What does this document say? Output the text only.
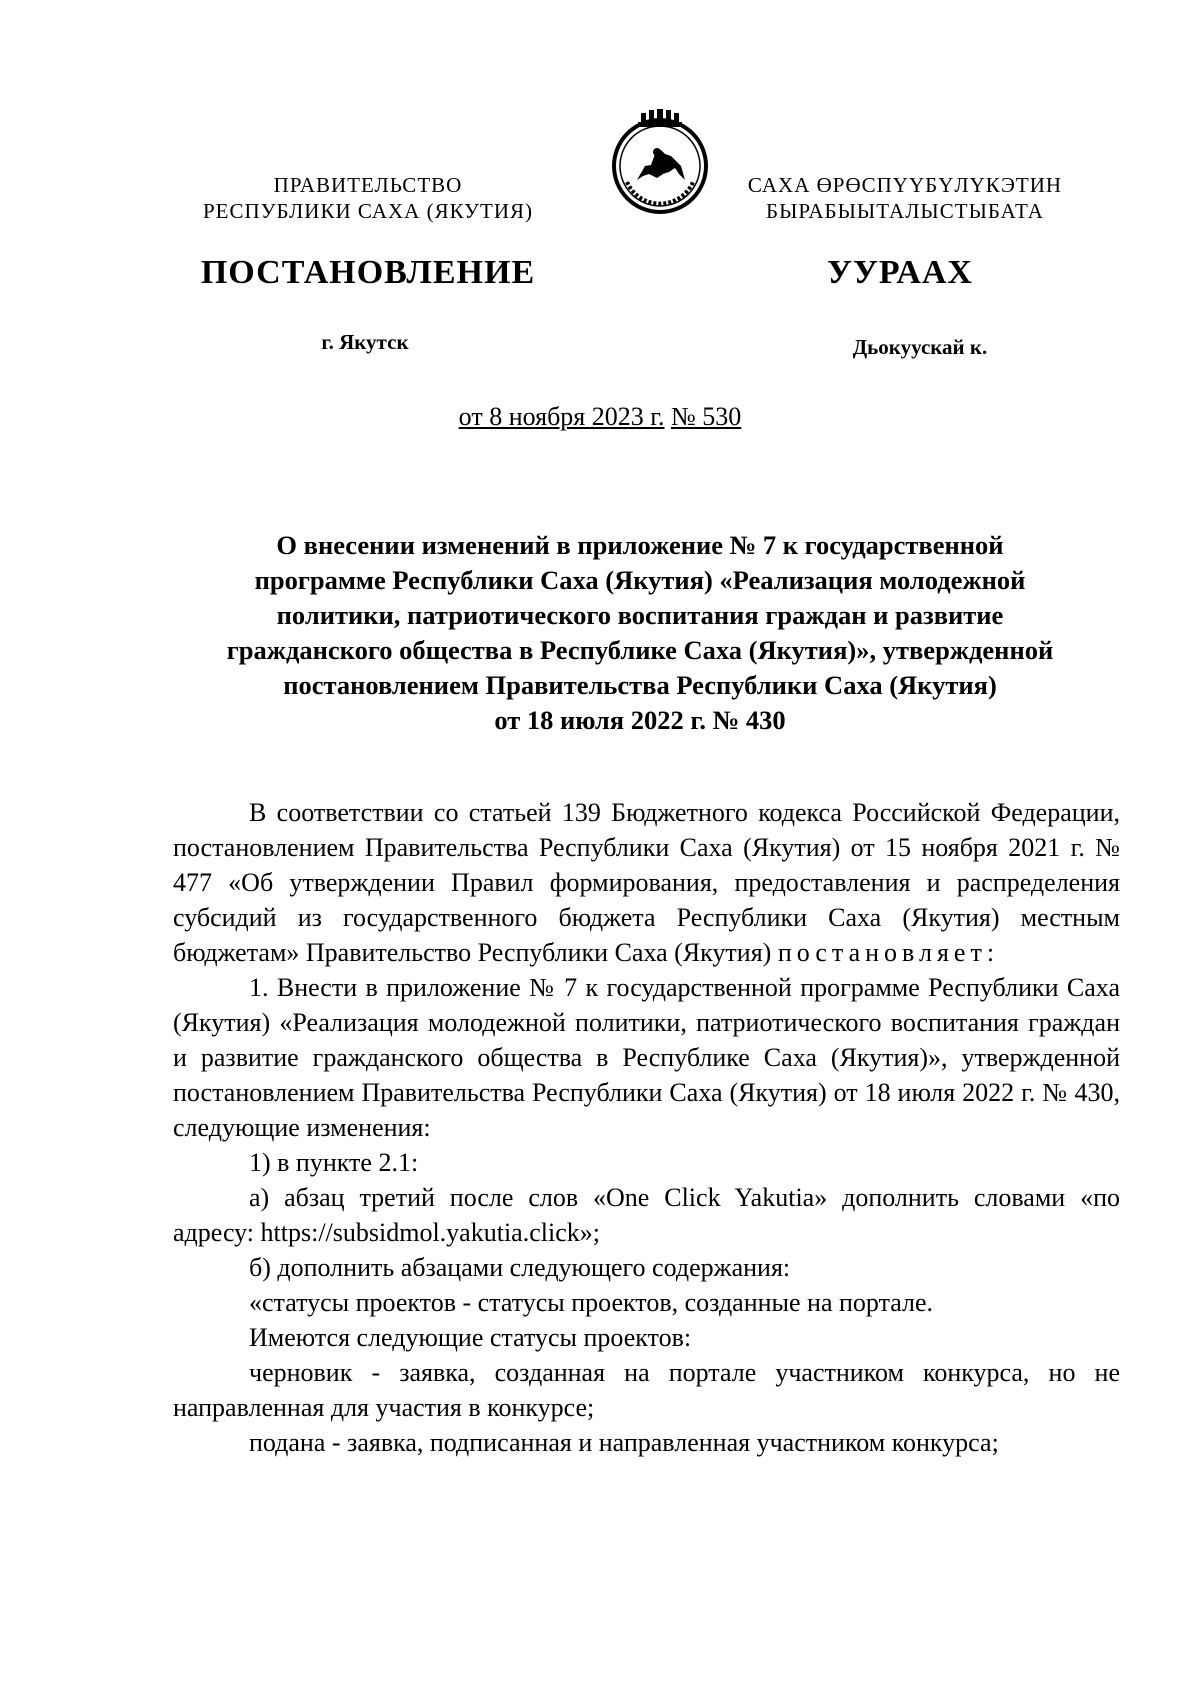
ПРАВИТЕЛЬСТВО
РЕСПУБЛИКИ САХА (ЯКУТИЯ)
САХА ӨРӨСПҮҮБҮЛҮКЭТИН
БЫРАБЫЫТАЛЫСТЫБАТА
ПОСТАНОВЛЕНИЕ	УУРААХ
г. Якутск	Дьокуускай к.
от 8 ноября 2023 г. № 530
О внесении изменений в приложение № 7 к государственной
программе Республики Саха (Якутия) «Реализация молодежной
политики, патриотического воспитания граждан и развитие
гражданского общества в Республике Саха (Якутия)», утвержденной
постановлением Правительства Республики Саха (Якутия)
от 18 июля 2022 г. № 430

В соответствии со статьей 139 Бюджетного кодекса Российской Федерации, постановлением Правительства Республики Саха (Якутия) от 15 ноября 2021 г. № 477 «Об утверждении Правил формирования, предоставления и распределения субсидий из государственного бюджета Республики Саха (Якутия) местным бюджетам» Правительство Республики Саха (Якутия) постановляет:

1. Внести в приложение № 7 к государственной программе Республики Саха (Якутия) «Реализация молодежной политики, патриотического воспитания граждан и развитие гражданского общества в Республике Саха (Якутия)», утвержденной постановлением Правительства Республики Саха (Якутия) от 18 июля 2022 г. № 430, следующие изменения:

1) в пункте 2.1:

а) абзац третий после слов «One Click Yakutia» дополнить словами «по адресу: https://subsidmol.yakutia.click»;

б) дополнить абзацами следующего содержания:

«статусы проектов - статусы проектов, созданные на портале.

Имеются следующие статусы проектов:

черновик - заявка, созданная на портале участником конкурса, но не направленная для участия в конкурсе;

подана - заявка, подписанная и направленная участником конкурса;
